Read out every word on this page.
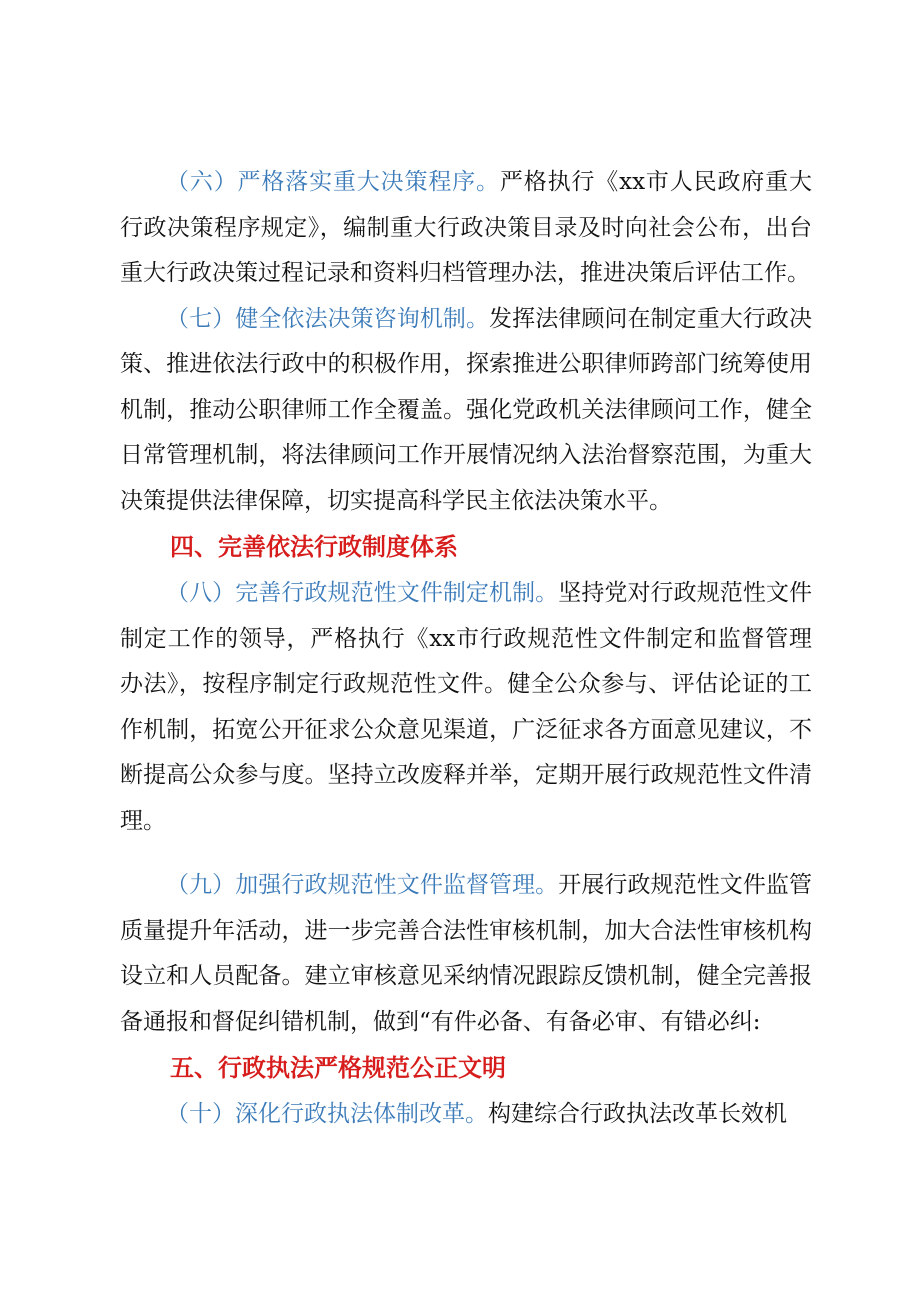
（六）严格落实重大决策程序。严格执行《xx市人民政府重大行政决策程序规定》，编制重大行政决策目录及时向社会公布，出台重大行政决策过程记录和资料归档管理办法，推进决策后评估工作。

（七）健全依法决策咨询机制。发挥法律顾问在制定重大行政决策、推进依法行政中的积极作用，探索推进公职律师跨部门统筹使用机制，推动公职律师工作全覆盖。强化党政机关法律顾问工作，健全日常管理机制，将法律顾问工作开展情况纳入法治督察范围，为重大决策提供法律保障，切实提高科学民主依法决策水平。

四、完善依法行政制度体系

（八）完善行政规范性文件制定机制。坚持党对行政规范性文件制定工作的领导，严格执行《xx市行政规范性文件制定和监督管理办法》，按程序制定行政规范性文件。健全公众参与、评估论证的工作机制，拓宽公开征求公众意见渠道，广泛征求各方面意见建议，不断提高公众参与度。坚持立改废释并举，定期开展行政规范性文件清理。

（九）加强行政规范性文件监督管理。开展行政规范性文件监管质量提升年活动，进一步完善合法性审核机制，加大合法性审核机构设立和人员配备。建立审核意见采纳情况跟踪反馈机制，健全完善报备通报和督促纠错机制，做到“有件必备、有备必审、有错必纠:

五、行政执法严格规范公正文明

（十）深化行政执法体制改革。构建综合行政执法改革长效机
